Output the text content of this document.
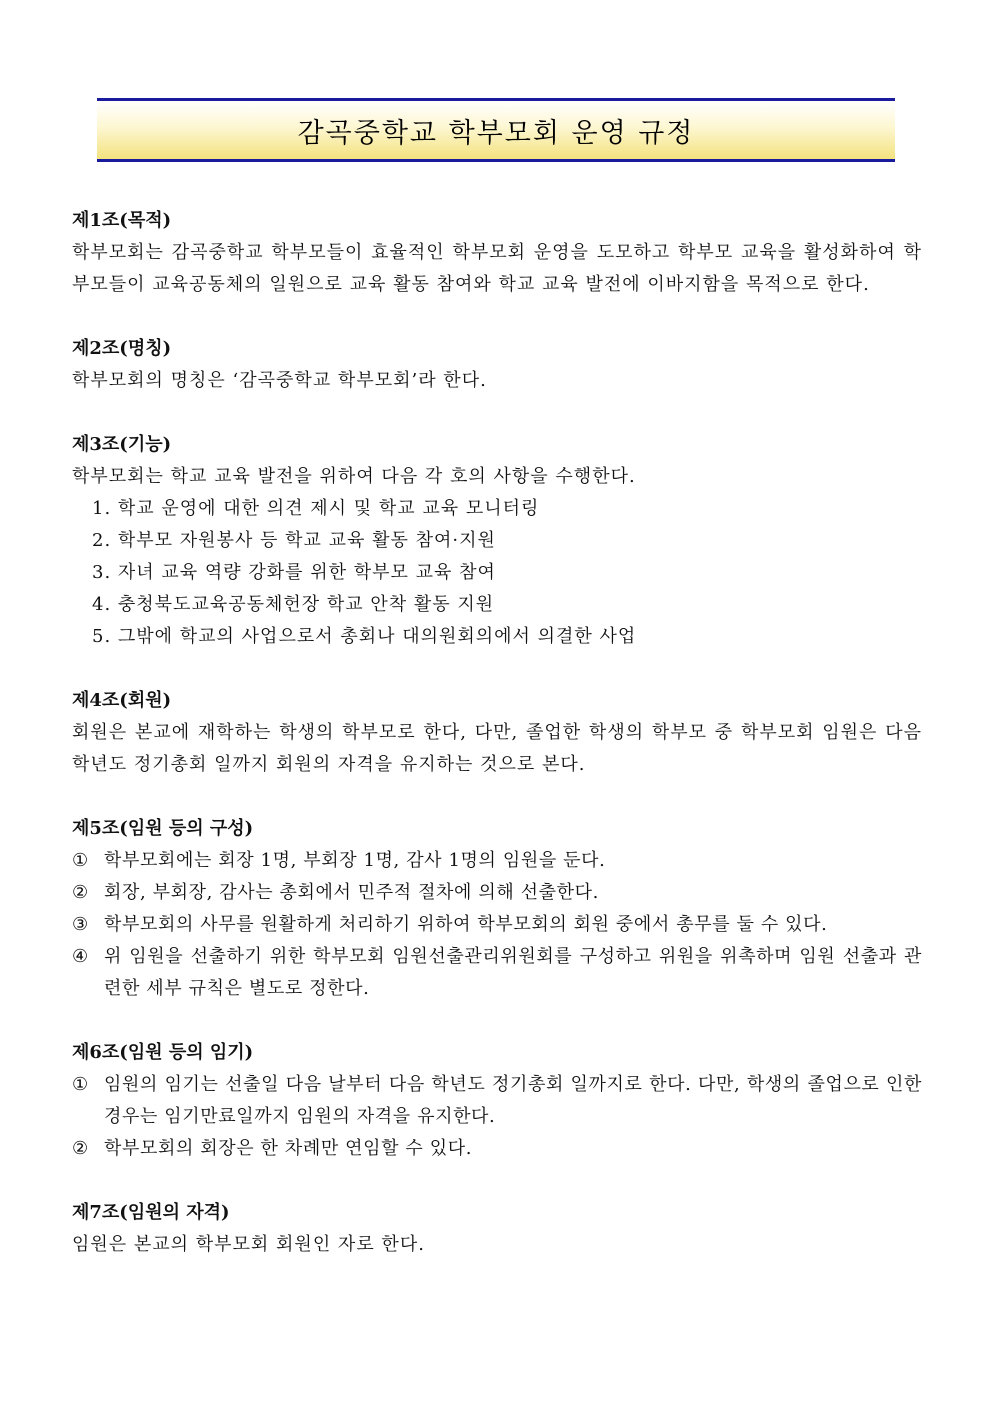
감곡중학교 학부모회 운영 규정
제1조(목적)
학부모회는 감곡중학교 학부모들이 효율적인 학부모회 운영을 도모하고 학부모 교육을 활성화하여 학부모들이 교육공동체의 일원으로 교육 활동 참여와 학교 교육 발전에 이바지함을 목적으로 한다.
제2조(명칭)
학부모회의 명칭은 ‘감곡중학교 학부모회’라 한다.
제3조(기능)
학부모회는 학교 교육 발전을 위하여 다음 각 호의 사항을 수행한다.
1. 학교 운영에 대한 의견 제시 및 학교 교육 모니터링
2. 학부모 자원봉사 등 학교 교육 활동 참여·지원
3. 자녀 교육 역량 강화를 위한 학부모 교육 참여
4. 충청북도교육공동체헌장 학교 안착 활동 지원
5. 그밖에 학교의 사업으로서 총회나 대의원회의에서 의결한 사업
제4조(회원)
회원은 본교에 재학하는 학생의 학부모로 한다, 다만, 졸업한 학생의 학부모 중 학부모회 임원은 다음 학년도 정기총회 일까지 회원의 자격을 유지하는 것으로 본다.
제5조(임원 등의 구성)
① 학부모회에는 회장 1명, 부회장 1명, 감사 1명의 임원을 둔다.
② 회장, 부회장, 감사는 총회에서 민주적 절차에 의해 선출한다.
③ 학부모회의 사무를 원활하게 처리하기 위하여 학부모회의 회원 중에서 총무를 둘 수 있다.
④ 위 임원을 선출하기 위한 학부모회 임원선출관리위원회를 구성하고 위원을 위촉하며 임원 선출과 관련한 세부 규칙은 별도로 정한다.
제6조(임원 등의 임기)
① 임원의 임기는 선출일 다음 날부터 다음 학년도 정기총회 일까지로 한다. 다만, 학생의 졸업으로 인한 경우는 임기만료일까지 임원의 자격을 유지한다.
② 학부모회의 회장은 한 차례만 연임할 수 있다.
제7조(임원의 자격)
임원은 본교의 학부모회 회원인 자로 한다.
